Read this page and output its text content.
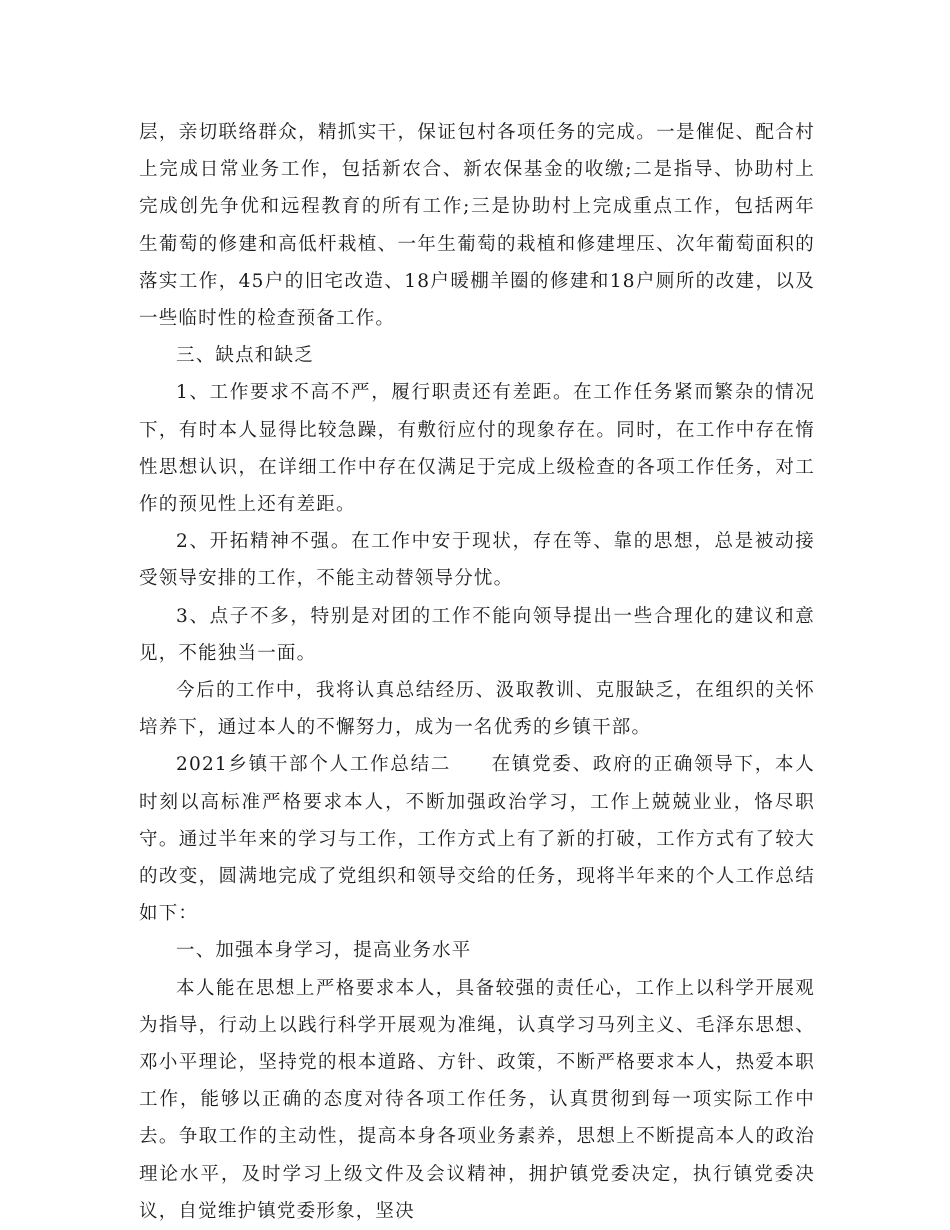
层，亲切联络群众，精抓实干，保证包村各项任务的完成。一是催促、配合村上完成日常业务工作，包括新农合、新农保基金的收缴;二是指导、协助村上完成创先争优和远程教育的所有工作;三是协助村上完成重点工作，包括两年生葡萄的修建和高低杆栽植、一年生葡萄的栽植和修建埋压、次年葡萄面积的落实工作，45户的旧宅改造、18户暖棚羊圈的修建和18户厕所的改建，以及一些临时性的检查预备工作。

三、缺点和缺乏

1、工作要求不高不严，履行职责还有差距。在工作任务紧而繁杂的情况下，有时本人显得比较急躁，有敷衍应付的现象存在。同时，在工作中存在惰性思想认识，在详细工作中存在仅满足于完成上级检查的各项工作任务，对工作的预见性上还有差距。

2、开拓精神不强。在工作中安于现状，存在等、靠的思想，总是被动接受领导安排的工作，不能主动替领导分忧。

3、点子不多，特别是对团的工作不能向领导提出一些合理化的建议和意见，不能独当一面。

今后的工作中，我将认真总结经历、汲取教训、克服缺乏，在组织的关怀培养下，通过本人的不懈努力，成为一名优秀的乡镇干部。

2021乡镇干部个人工作总结二　　在镇党委、政府的正确领导下，本人时刻以高标准严格要求本人，不断加强政治学习，工作上兢兢业业，恪尽职守。通过半年来的学习与工作，工作方式上有了新的打破，工作方式有了较大的改变，圆满地完成了党组织和领导交给的任务，现将半年来的个人工作总结如下：

一、加强本身学习，提高业务水平

本人能在思想上严格要求本人，具备较强的责任心，工作上以科学开展观为指导，行动上以践行科学开展观为准绳，认真学习马列主义、毛泽东思想、邓小平理论，坚持党的根本道路、方针、政策，不断严格要求本人，热爱本职工作，能够以正确的态度对待各项工作任务，认真贯彻到每一项实际工作中去。争取工作的主动性，提高本身各项业务素养，思想上不断提高本人的政治理论水平，及时学习上级文件及会议精神，拥护镇党委决定，执行镇党委决议，自觉维护镇党委形象，坚决
